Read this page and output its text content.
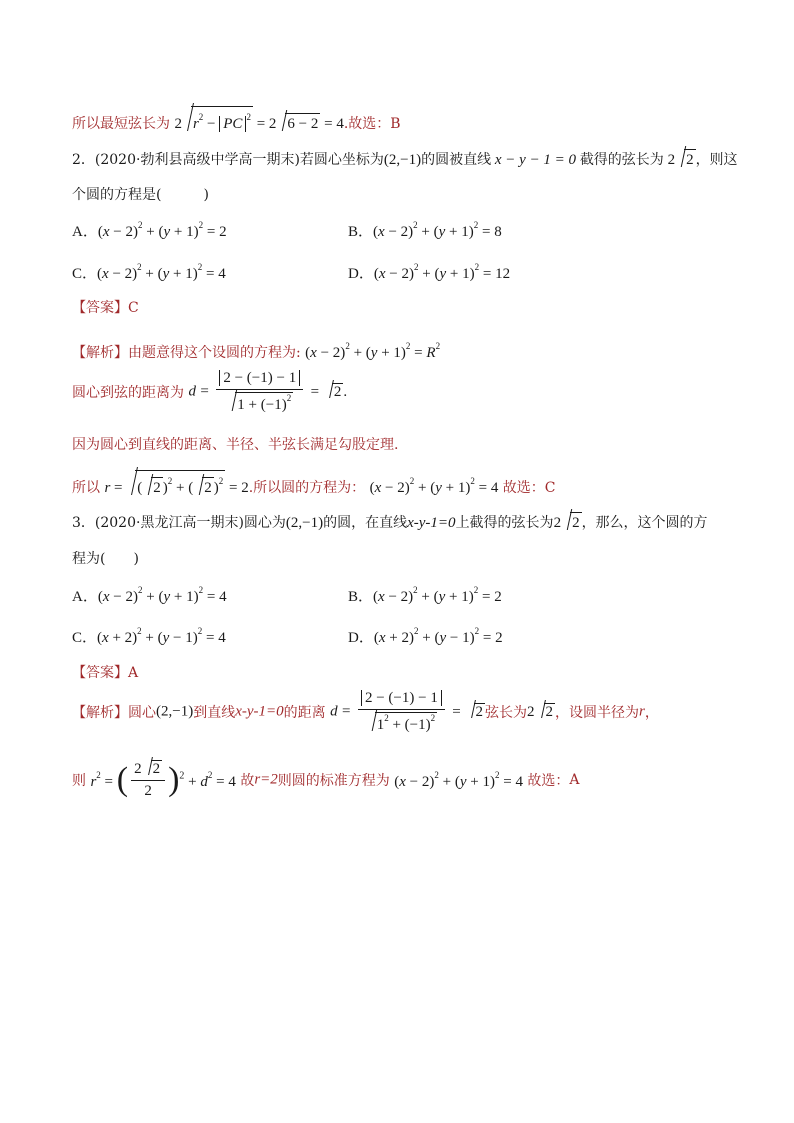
所以最短弦长为 2 $r^2$ − PC $^2$ = 2 6 − 2 = 4.故选：B
2．(2020·勃利县高级中学高一期末)若圆心坐标为(2,−1)的圆被直线 x − y − 1 = 0 截得的弦长为 2 2 ，则这
个圆的方程是(　　　)
A．$(x - 2)^2 + (y + 1)^2 = 2$	B．$(x - 2)^2 + (y + 1)^2 = 8$
C．$(x - 2)^2 + (y + 1)^2 = 4$	D．$(x - 2)^2 + (y + 1)^2 = 12$
【答案】C
【解析】由题意得这个设圆的方程为: $(x - 2)^2 + (y + 1)^2 = R^2$
圆心到弦的距离为 $d = \frac{2 - (-1) - 1}{1 + (-1)^2} = 2$ .
因为圆心到直线的距离、半径、半弦长满足勾股定理.
所以 r = ( 2 )$^2$ + ( 2 )$^2$ = 2.所以圆的方程为： $(x - 2)^2 + (y + 1)^2 = 4$ 故选：C
3．(2020·黑龙江高一期末)圆心为(2,−1)的圆，在直线x-y-1=0上截得的弦长为2 2 ，那么，这个圆的方
程为(　　)
A．$(x - 2)^2 + (y + 1)^2 = 4$	B．$(x - 2)^2 + (y + 1)^2 = 2$
C．$(x + 2)^2 + (y - 1)^2 = 4$	D．$(x + 2)^2 + (y - 1)^2 = 2$
【答案】A
【解析】圆心(2,−1)到直线x-y-1=0的距离 $d = \frac{2 - (-1) - 1}{1^2 + (-1)^2} = 2$ 弦长为2 2 ，设圆半径为r，
则 $r^2$ = ( $\frac{2 2}{2} )^2 + d^2 = 4$ 故r=2则圆的标准方程为 $(x - 2)^2 + (y + 1)^2 = 4$ 故选：A
